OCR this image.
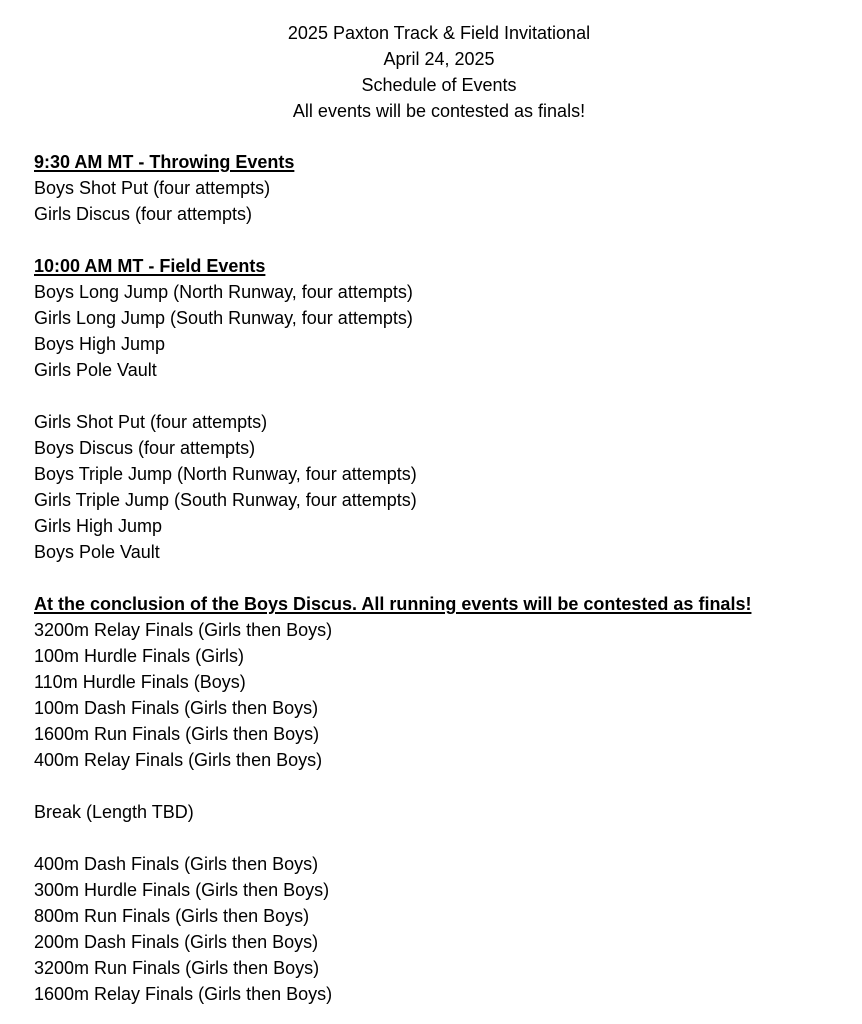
2025 Paxton Track & Field Invitational
April 24, 2025
Schedule of Events
All events will be contested as finals!
9:30 AM MT - Throwing Events
Boys Shot Put (four attempts)
Girls Discus (four attempts)
10:00 AM MT - Field Events
Boys Long Jump (North Runway, four attempts)
Girls Long Jump (South Runway, four attempts)
Boys High Jump
Girls Pole Vault
Girls Shot Put (four attempts)
Boys Discus (four attempts)
Boys Triple Jump (North Runway, four attempts)
Girls Triple Jump (South Runway, four attempts)
Girls High Jump
Boys Pole Vault
At the conclusion of the Boys Discus. All running events will be contested as finals!
3200m Relay Finals (Girls then Boys)
100m Hurdle Finals (Girls)
110m Hurdle Finals (Boys)
100m Dash Finals (Girls then Boys)
1600m Run Finals (Girls then Boys)
400m Relay Finals (Girls then Boys)
Break (Length TBD)
400m Dash Finals (Girls then Boys)
300m Hurdle Finals (Girls then Boys)
800m Run Finals (Girls then Boys)
200m Dash Finals (Girls then Boys)
3200m Run Finals (Girls then Boys)
1600m Relay Finals (Girls then Boys)
